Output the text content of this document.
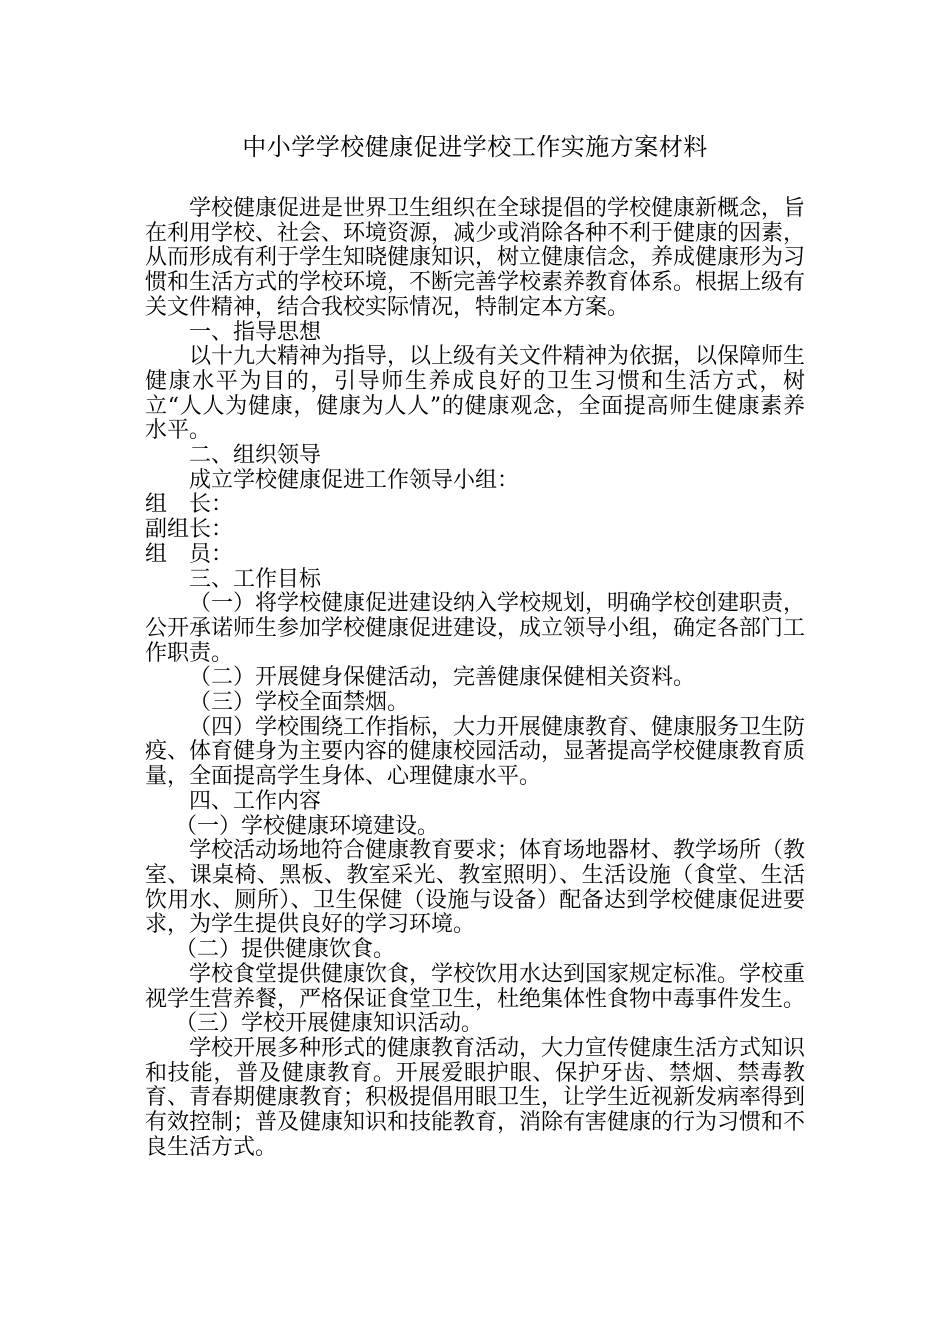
中小学学校健康促进学校工作实施方案材料

学校健康促进是世界卫生组织在全球提倡的学校健康新概念，旨在利用学校、社会、环境资源，减少或消除各种不利于健康的因素，从而形成有利于学生知晓健康知识，树立健康信念，养成健康形为习惯和生活方式的学校环境，不断完善学校素养教育体系。根据上级有关文件精神，结合我校实际情况，特制定本方案。

一、指导思想

以十九大精神为指导，以上级有关文件精神为依据，以保障师生健康水平为目的，引导师生养成良好的卫生习惯和生活方式，树立“人人为健康，健康为人人”的健康观念，全面提高师生健康素养水平。

二、组织领导

成立学校健康促进工作领导小组：

组　长：

副组长：

组　员：

三、工作目标

（一）将学校健康促进建设纳入学校规划，明确学校创建职责，公开承诺师生参加学校健康促进建设，成立领导小组，确定各部门工作职责。

（二）开展健身保健活动，完善健康保健相关资料。

（三）学校全面禁烟。

（四）学校围绕工作指标，大力开展健康教育、健康服务卫生防疫、体育健身为主要内容的健康校园活动，显著提高学校健康教育质量，全面提高学生身体、心理健康水平。

四、工作内容

（一）学校健康环境建设。

学校活动场地符合健康教育要求；体育场地器材、教学场所（教室、课桌椅、黑板、教室采光、教室照明）、生活设施（食堂、生活饮用水、厕所）、卫生保健（设施与设备）配备达到学校健康促进要求，为学生提供良好的学习环境。

（二）提供健康饮食。

学校食堂提供健康饮食，学校饮用水达到国家规定标准。学校重视学生营养餐，严格保证食堂卫生，杜绝集体性食物中毒事件发生。

（三）学校开展健康知识活动。

学校开展多种形式的健康教育活动，大力宣传健康生活方式知识和技能，普及健康教育。开展爱眼护眼、保护牙齿、禁烟、禁毒教育、青春期健康教育；积极提倡用眼卫生，让学生近视新发病率得到有效控制；普及健康知识和技能教育，消除有害健康的行为习惯和不良生活方式。
